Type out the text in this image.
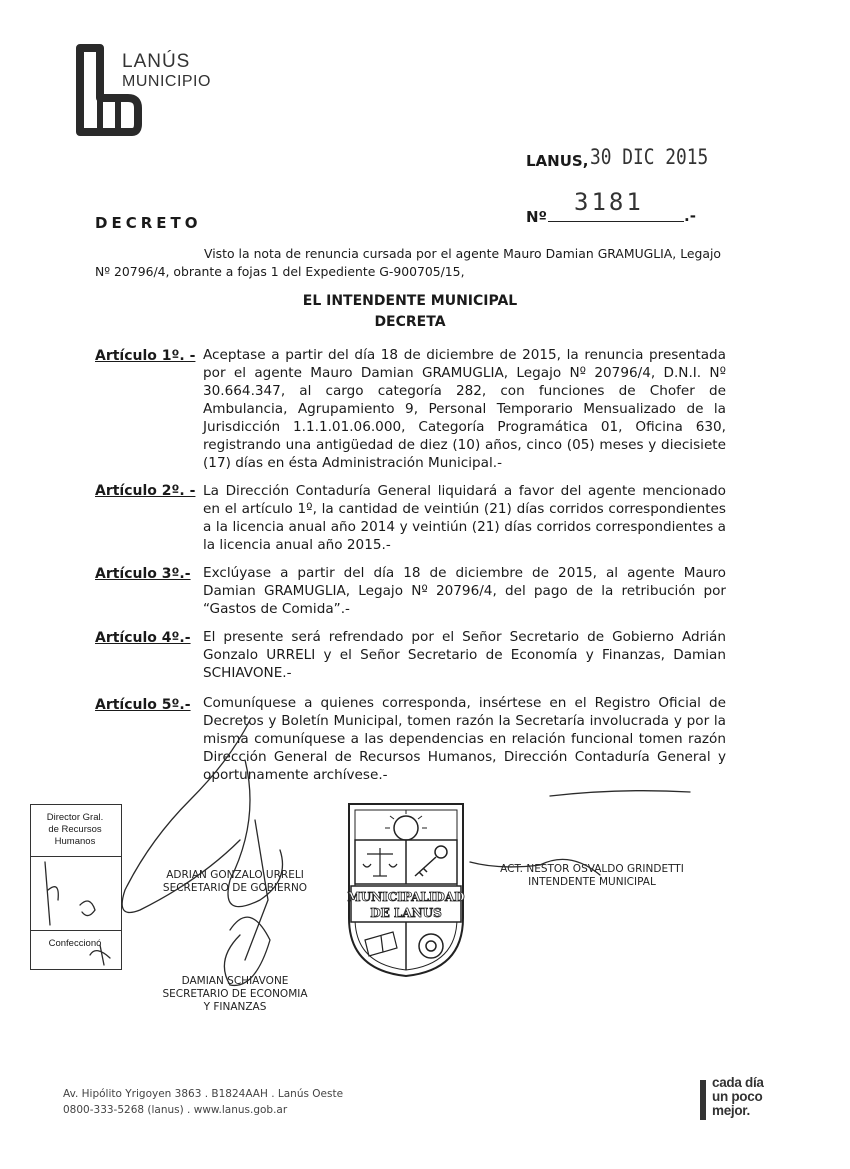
LANÚS
MUNICIPIO
LANUS, 30 DIC 2015
Nº
3181	.-
DECRETO
Visto la nota de renuncia cursada por el agente Mauro Damian GRAMUGLIA, Legajo Nº 20796/4, obrante a fojas 1 del Expediente G-900705/15,
EL INTENDENTE MUNICIPAL
DECRETA
Artículo 1º. - Aceptase a partir del día 18 de diciembre de 2015, la renuncia presentada por el agente Mauro Damian GRAMUGLIA, Legajo Nº 20796/4, D.N.I. Nº 30.664.347, al cargo categoría 282, con funciones de Chofer de Ambulancia, Agrupamiento 9, Personal Temporario Mensualizado de la Jurisdicción 1.1.1.01.06.000, Categoría Programática 01, Oficina 630, registrando una antigüedad de diez (10) años, cinco (05) meses y diecisiete (17) días en ésta Administración Municipal.-
Artículo 2º. - La Dirección Contaduría General liquidará a favor del agente mencionado en el artículo 1º, la cantidad de veintiún (21) días corridos correspondientes a la licencia anual año 2014 y veintiún (21) días corridos correspondientes a la licencia anual año 2015.-
Artículo 3º.- Exclúyase a partir del día 18 de diciembre de 2015, al agente Mauro Damian GRAMUGLIA, Legajo Nº 20796/4, del pago de la retribución por “Gastos de Comida”.-
Artículo 4º.- El presente será refrendado por el Señor Secretario de Gobierno Adrián Gonzalo URRELI y el Señor Secretario de Economía y Finanzas, Damian SCHIAVONE.-
Artículo 5º.- Comuníquese a quienes corresponda, insértese en el Registro Oficial de Decretos y Boletín Municipal, tomen razón la Secretaría involucrada y por la misma comuníquese a las dependencias en relación funcional tomen razón Dirección General de Recursos Humanos, Dirección Contaduría General y oportunamente archívese.-
Director Gral.
de Recursos
Humanos
Confeccionó
ADRIAN GONZALO URRELI
SECRETARIO DE GOBIERNO
ACT. NESTOR OSVALDO GRINDETTI
INTENDENTE MUNICIPAL
DAMIAN SCHIAVONE
SECRETARIO DE ECONOMIA
Y FINANZAS
MUNICIPALIDAD
DE LANUS
Av. Hipólito Yrigoyen 3863 . B1824AAH . Lanús Oeste
0800-333-5268 (lanus) . www.lanus.gob.ar
cada día
un poco
mejor.
